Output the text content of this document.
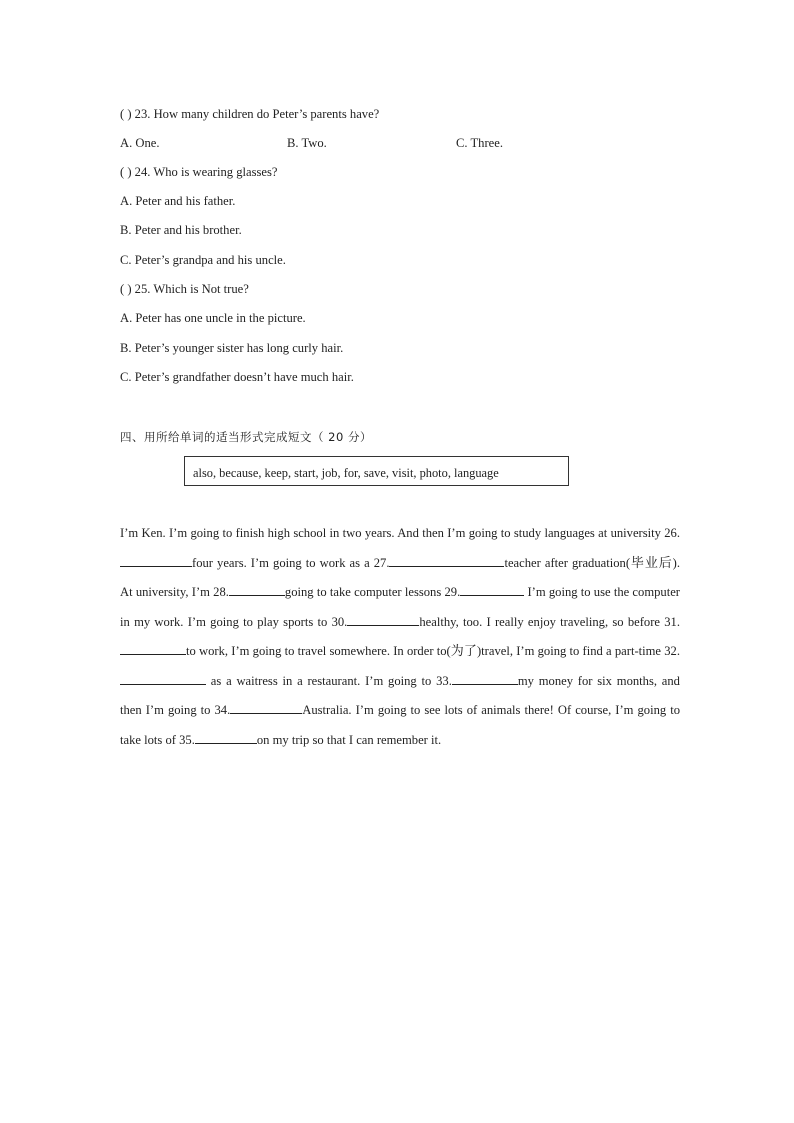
( ) 23. How many children do Peter’s parents have?
A. One.	B. Two.	C. Three.
( ) 24. Who is wearing glasses?
A. Peter and his father.
B. Peter and his brother.
C. Peter’s grandpa and his uncle.
( ) 25. Which is Not true?
A. Peter has one uncle in the picture.
B. Peter’s younger sister has long curly hair.
C. Peter’s grandfather doesn’t have much hair.
四、用所给单词的适当形式完成短文（ 20 分）
also, because, keep, start, job, for, save, visit, photo, language

I’m Ken. I’m going to finish high school in two years. And then I’m going to study languages at university 26.four years. I’m going to work as a 27.	teacher after graduation(毕业后). At university, I’m 28.	going to take computer lessons 29.	I’m going to use the computer in my work. I’m going to play sports to 30.	healthy, too. I really enjoy traveling, so before 31.to work, I’m going to travel somewhere. In order to(为了)travel, I’m going to find a part-time 32. as a waitress in a restaurant. I’m going to 33.	my money for six months, and then I’m going to 34.	Australia. I’m going to see lots of animals there! Of course, I’m going to take lots of 35.	on my trip so that I can remember it.
